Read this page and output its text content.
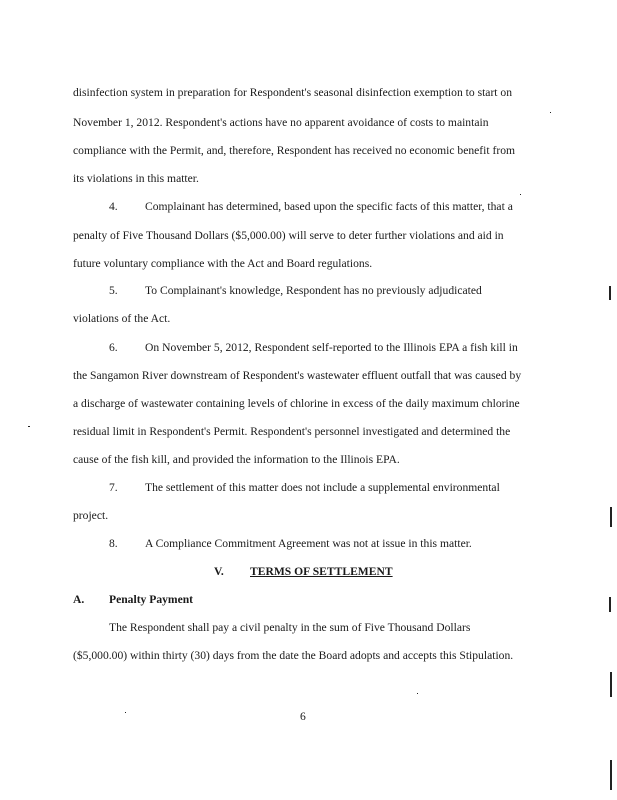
disinfection system in preparation for Respondent's seasonal disinfection exemption to start on
November 1, 2012. Respondent's actions have no apparent avoidance of costs to maintain
compliance with the Permit, and, therefore, Respondent has received no economic benefit from
its violations in this matter.
4. Complainant has determined, based upon the specific facts of this matter, that a
penalty of Five Thousand Dollars ($5,000.00) will serve to deter further violations and aid in
future voluntary compliance with the Act and Board regulations.
5. To Complainant's knowledge, Respondent has no previously adjudicated
violations of the Act.
6. On November 5, 2012, Respondent self-reported to the Illinois EPA a fish kill in
the Sangamon River downstream of Respondent's wastewater effluent outfall that was caused by
a discharge of wastewater containing levels of chlorine in excess of the daily maximum chlorine
residual limit in Respondent's Permit. Respondent's personnel investigated and determined the
cause of the fish kill, and provided the information to the Illinois EPA.
7. The settlement of this matter does not include a supplemental environmental
project.
8. A Compliance Commitment Agreement was not at issue in this matter.
V. TERMS OF SETTLEMENT
A. Penalty Payment
The Respondent shall pay a civil penalty in the sum of Five Thousand Dollars
($5,000.00) within thirty (30) days from the date the Board adopts and accepts this Stipulation.
6
